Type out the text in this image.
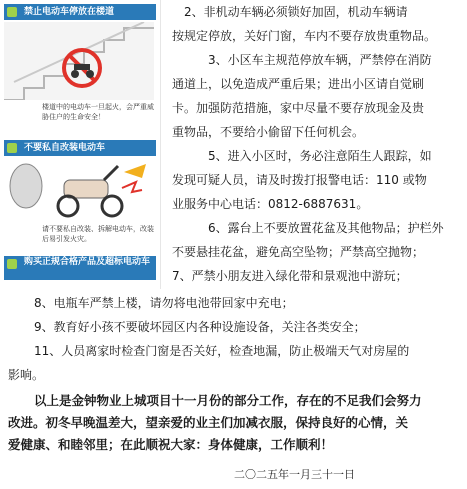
禁止电动车停放在楼道
楼道中的电动车一旦起火，会严重威胁住户的生命安全！
不要私自改装电动车
请不要私自改装、拆解电动车，改装后易引发火灾。
购买正规合格产品及超标电动车

2、非机动车辆必须锁好加固，机动车辆请

按规定停放，关好门窗，车内不要存放贵重物品。

3、小区车主规范停放车辆，严禁停在消防

通道上，以免造成严重后果；进出小区请自觉刷

卡。加强防范措施，家中尽量不要存放现金及贵

重物品，不要给小偷留下任何机会。

5、进入小区时，务必注意陌生人跟踪，如

发现可疑人员，请及时拨打报警电话：110 或物

业服务中心电话：0812-6887631。

6、露台上不要放置花盆及其他物品；护栏外

不要悬挂花盆，避免高空坠物；严禁高空抛物；

7、严禁小朋友进入绿化带和景观池中游玩；

8、电瓶车严禁上楼，请勿将电池带回家中充电；

9、教育好小孩不要破坏园区内各种设施设备，关注各类安全；

11、人员离家时检查门窗是否关好，检查地漏，防止极端天气对房屋的

影响。

以上是金钟物业上城项目十一月份的部分工作，存在的不足我们会努力

改进。初冬早晚温差大，望亲爱的业主们加减衣服，保持良好的心情，关

爱健康、和睦邻里；在此顺祝大家：身体健康，工作顺利！

二〇二五年一月三十一日
